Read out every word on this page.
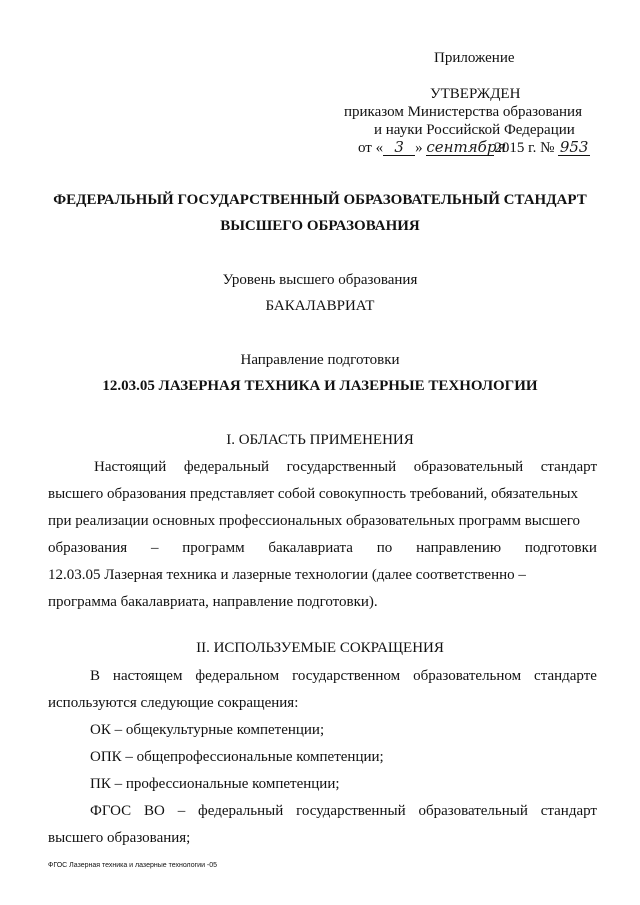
Приложение
УТВЕРЖДЕН
приказом Министерства образования
и науки Российской Федерации
от « 3 » сентября2015 г. № 953
ФЕДЕРАЛЬНЫЙ ГОСУДАРСТВЕННЫЙ ОБРАЗОВАТЕЛЬНЫЙ СТАНДАРТ
ВЫСШЕГО ОБРАЗОВАНИЯ
Уровень высшего образования
БАКАЛАВРИАТ
Направление подготовки
12.03.05 ЛАЗЕРНАЯ ТЕХНИКА И ЛАЗЕРНЫЕ ТЕХНОЛОГИИ
I. ОБЛАСТЬ ПРИМЕНЕНИЯ
Настоящий федеральный государственный образовательный стандарт
высшего образования представляет собой совокупность требований, обязательных
при реализации основных профессиональных образовательных программ высшего
образования – программ бакалавриата по направлению подготовки
12.03.05 Лазерная техника и лазерные технологии (далее соответственно –
программа бакалавриата, направление подготовки).
II. ИСПОЛЬЗУЕМЫЕ СОКРАЩЕНИЯ
В настоящем федеральном государственном образовательном стандарте
используются следующие сокращения:
ОК – общекультурные компетенции;
ОПК – общепрофессиональные компетенции;
ПК – профессиональные компетенции;
ФГОС ВО – федеральный государственный образовательный стандарт
высшего образования;
ФГОС Лазерная техника и лазерные технологии -05
